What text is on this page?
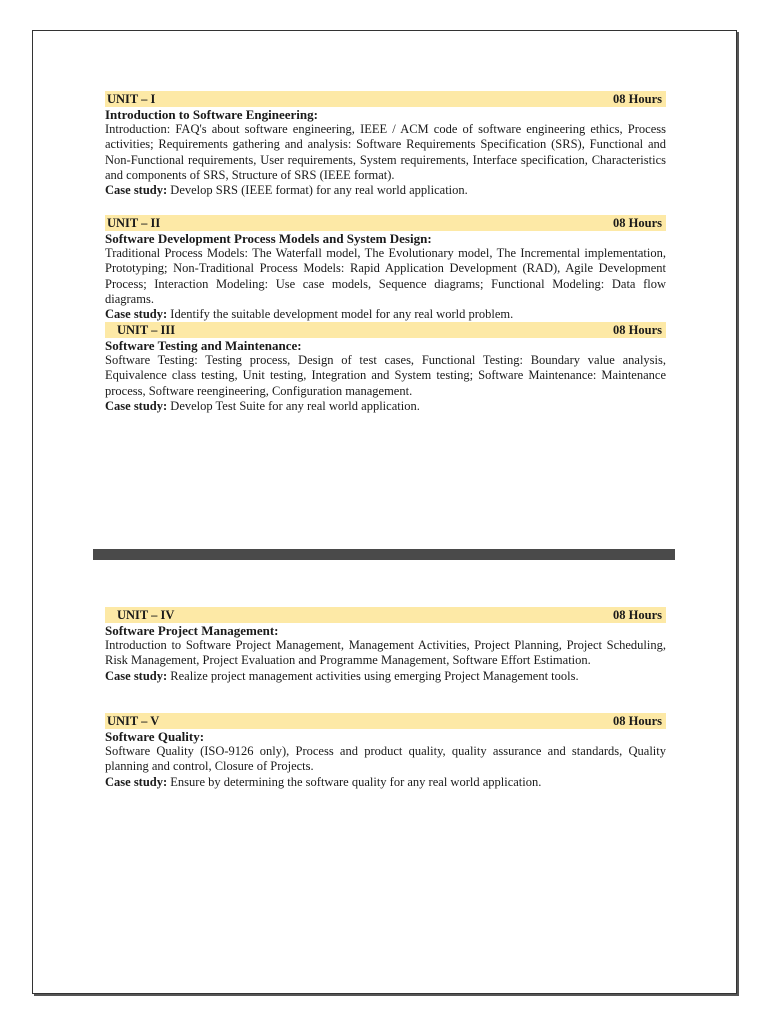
UNIT – I	08 Hours
Introduction to Software Engineering:

Introduction: FAQ's about software engineering, IEEE / ACM code of software engineering ethics, Process activities; Requirements gathering and analysis: Software Requirements Specification (SRS), Functional and Non-Functional requirements, User requirements, System requirements, Interface specification, Characteristics and components of SRS, Structure of SRS (IEEE format).

Case study: Develop SRS (IEEE format) for any real world application.

UNIT – II	08 Hours
Software Development Process Models and System Design:

Traditional Process Models: The Waterfall model, The Evolutionary model, The Incremental implementation, Prototyping; Non-Traditional Process Models: Rapid Application Development (RAD), Agile Development Process; Interaction Modeling: Use case models, Sequence diagrams; Functional Modeling: Data flow diagrams.

Case study: Identify the suitable development model for any real world problem.

UNIT – III	08 Hours
Software Testing and Maintenance:

Software Testing: Testing process, Design of test cases, Functional Testing: Boundary value analysis, Equivalence class testing, Unit testing, Integration and System testing; Software Maintenance: Maintenance process, Software reengineering, Configuration management.

Case study: Develop Test Suite for any real world application.

UNIT – IV	08 Hours
Software Project Management:

Introduction to Software Project Management, Management Activities, Project Planning, Project Scheduling, Risk Management, Project Evaluation and Programme Management, Software Effort Estimation.

Case study: Realize project management activities using emerging Project Management tools.

UNIT – V	08 Hours
Software Quality:

Software Quality (ISO-9126 only), Process and product quality, quality assurance and standards, Quality planning and control, Closure of Projects.

Case study: Ensure by determining the software quality for any real world application.
